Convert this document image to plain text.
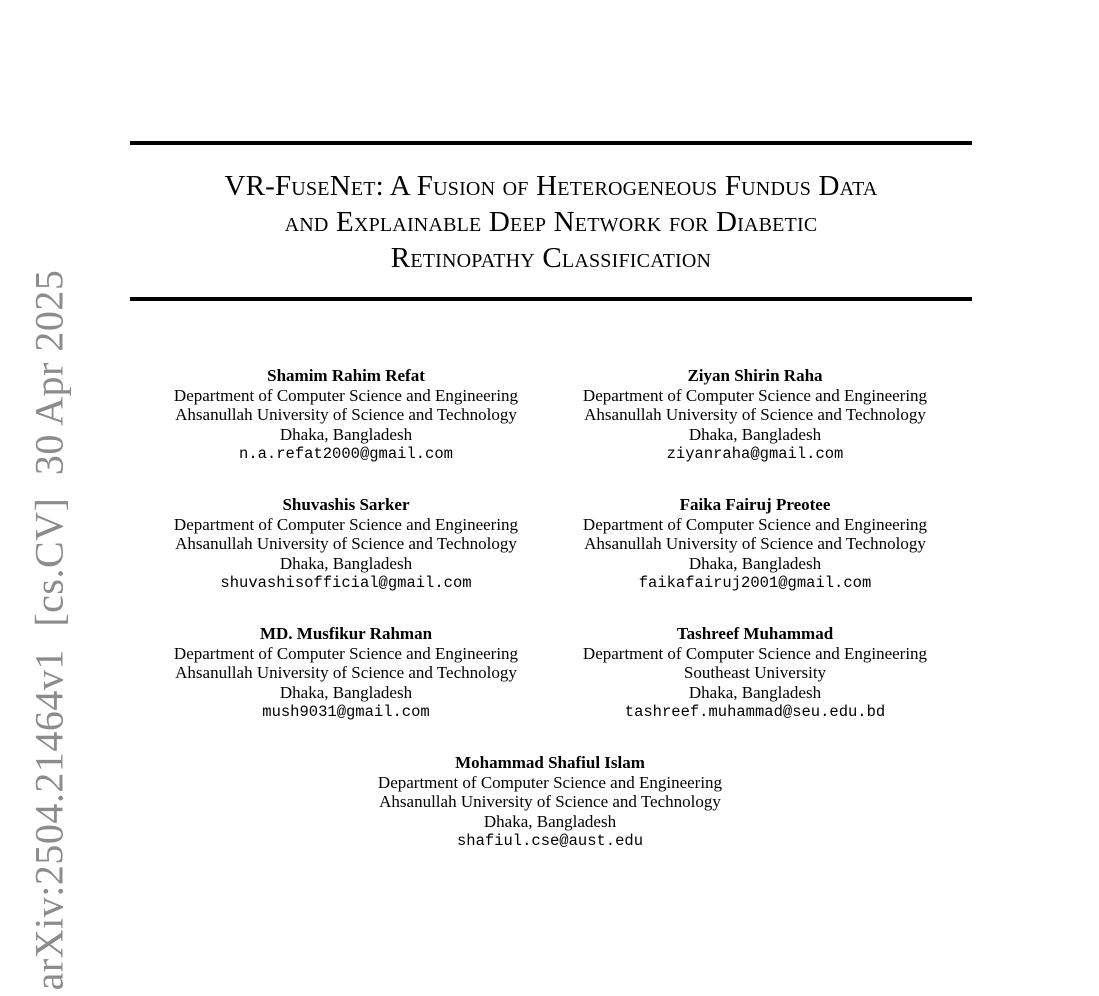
VR-FuseNet: A Fusion of Heterogeneous Fundus Data
and Explainable Deep Network for Diabetic
Retinopathy Classification
arXiv:2504.21464v1 [cs.CV] 30 Apr 2025	Shamim Rahim Refat
Department of Computer Science and Engineering
Ahsanullah University of Science and Technology
Dhaka, Bangladesh
n.a.refat2000@gmail.com
Ziyan Shirin Raha
Department of Computer Science and Engineering
Ahsanullah University of Science and Technology
Dhaka, Bangladesh
ziyanraha@gmail.com
Shuvashis Sarker
Department of Computer Science and Engineering
Ahsanullah University of Science and Technology
Dhaka, Bangladesh
shuvashisofficial@gmail.com
Faika Fairuj Preotee
Department of Computer Science and Engineering
Ahsanullah University of Science and Technology
Dhaka, Bangladesh
faikafairuj2001@gmail.com
MD. Musfikur Rahman
Department of Computer Science and Engineering
Ahsanullah University of Science and Technology
Dhaka, Bangladesh
mush9031@gmail.com
Tashreef Muhammad
Department of Computer Science and Engineering
Southeast University
Dhaka, Bangladesh
tashreef.muhammad@seu.edu.bd
Mohammad Shafiul Islam
Department of Computer Science and Engineering
Ahsanullah University of Science and Technology
Dhaka, Bangladesh
shafiul.cse@aust.edu
